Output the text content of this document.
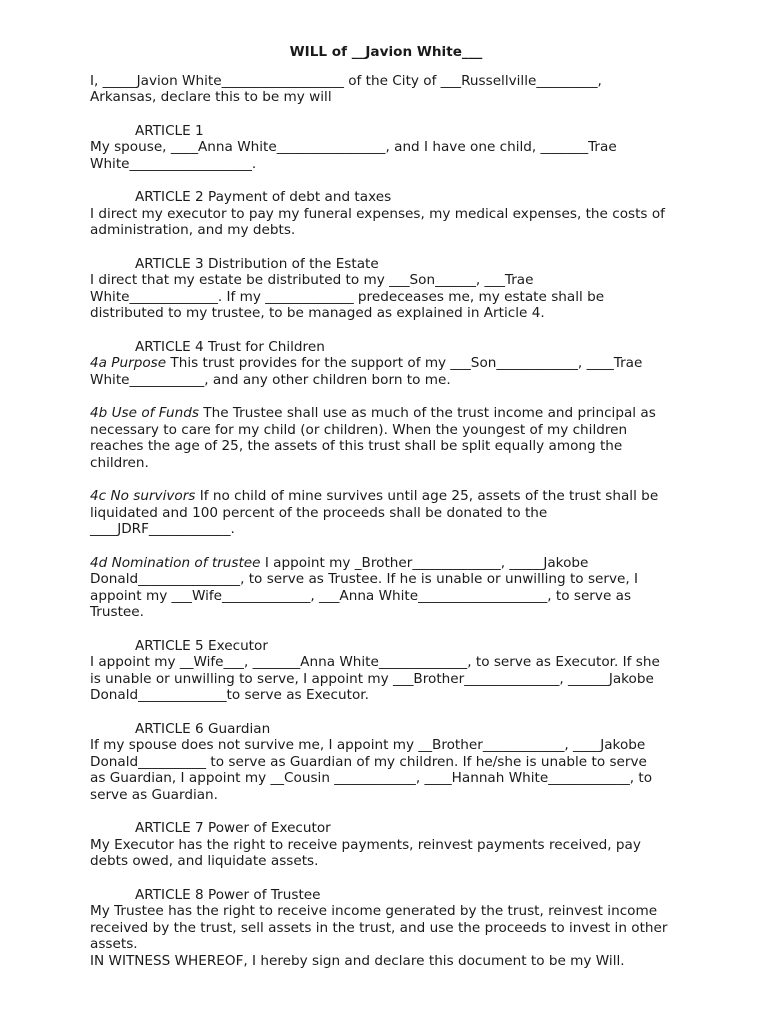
WILL of __Javion White___
I, _____Javion White__________________ of the City of ___Russellville_________,
Arkansas, declare this to be my will
ARTICLE 1
My spouse, ____Anna White________________, and I have one child, _______Trae
White__________________.
ARTICLE 2 Payment of debt and taxes
I direct my executor to pay my funeral expenses, my medical expenses, the costs of
administration, and my debts.
ARTICLE 3 Distribution of the Estate
I direct that my estate be distributed to my ___Son______, ___Trae
White_____________. If my _____________ predeceases me, my estate shall be
distributed to my trustee, to be managed as explained in Article 4.
ARTICLE 4 Trust for Children
4a Purpose This trust provides for the support of my ___Son____________, ____Trae
White___________, and any other children born to me.
4b Use of Funds The Trustee shall use as much of the trust income and principal as
necessary to care for my child (or children). When the youngest of my children
reaches the age of 25, the assets of this trust shall be split equally among the
children.
4c No survivors If no child of mine survives until age 25, assets of the trust shall be
liquidated and 100 percent of the proceeds shall be donated to the
____JDRF____________.
4d Nomination of trustee I appoint my _Brother_____________, _____Jakobe
Donald_______________, to serve as Trustee. If he is unable or unwilling to serve, I
appoint my ___Wife_____________, ___Anna White___________________, to serve as
Trustee.
ARTICLE 5 Executor
I appoint my __Wife___, _______Anna White_____________, to serve as Executor. If she
is unable or unwilling to serve, I appoint my ___Brother______________, ______Jakobe
Donald_____________to serve as Executor.
ARTICLE 6 Guardian
If my spouse does not survive me, I appoint my __Brother____________, ____Jakobe
Donald__________ to serve as Guardian of my children. If he/she is unable to serve
as Guardian, I appoint my __Cousin ____________, ____Hannah White____________, to
serve as Guardian.
ARTICLE 7 Power of Executor
My Executor has the right to receive payments, reinvest payments received, pay
debts owed, and liquidate assets.
ARTICLE 8 Power of Trustee
My Trustee has the right to receive income generated by the trust, reinvest income
received by the trust, sell assets in the trust, and use the proceeds to invest in other
assets.
IN WITNESS WHEREOF, I hereby sign and declare this document to be my Will.
